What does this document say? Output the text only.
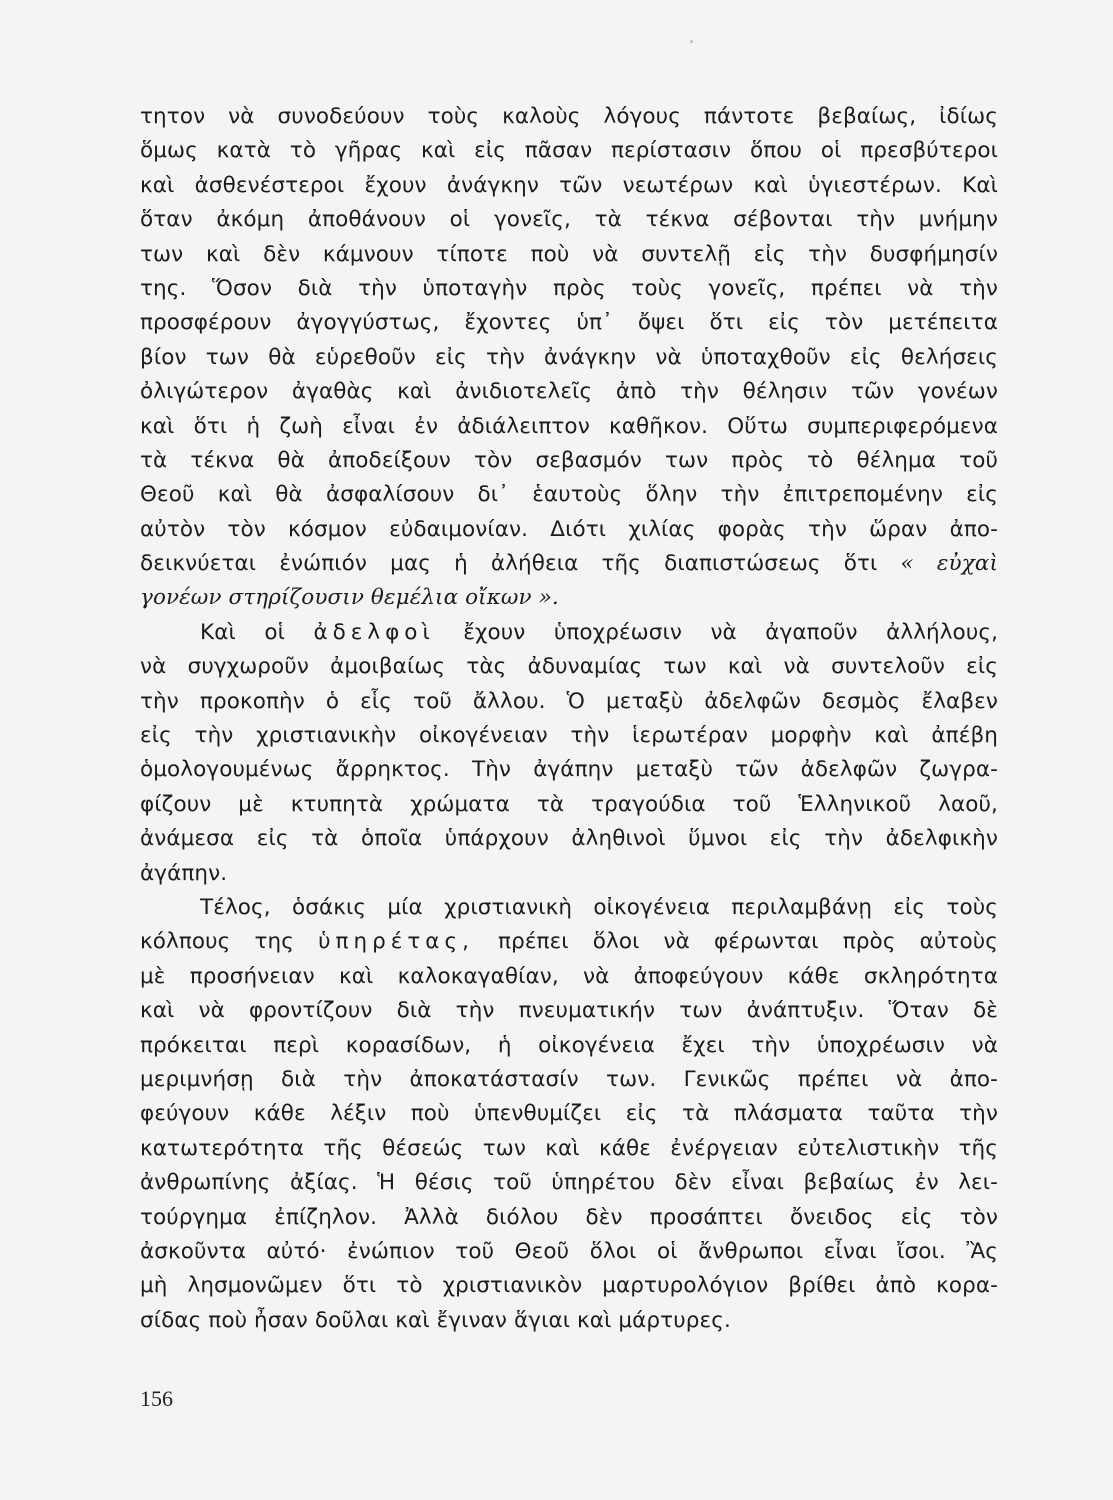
τητον νὰ συνοδεύουν τοὺς καλοὺς λόγους πάντοτε βεβαίως, ἰδίως
ὅμως κατὰ τὸ γῆρας καὶ εἰς πᾶσαν περίστασιν ὅπου οἱ πρεσβύτεροι
καὶ ἀσθενέστεροι ἔχουν ἀνάγκην τῶν νεωτέρων καὶ ὑγιεστέρων. Καὶ
ὅταν ἀκόμη ἀποθάνουν οἱ γονεῖς, τὰ τέκνα σέβονται τὴν μνήμην
των καὶ δὲν κάμνουν τίποτε ποὺ νὰ συντελῇ εἰς τὴν δυσφήμησίν
της. Ὅσον διὰ τὴν ὑποταγὴν πρὸς τοὺς γονεῖς, πρέπει νὰ τὴν
προσφέρουν ἀγογγύστως, ἔχοντες ὑπ᾽ ὄψει ὅτι εἰς τὸν μετέπειτα
βίον των θὰ εὑρεθοῦν εἰς τὴν ἀνάγκην νὰ ὑποταχθοῦν εἰς θελήσεις
ὀλιγώτερον ἀγαθὰς καὶ ἀνιδιοτελεῖς ἀπὸ τὴν θέλησιν τῶν γονέων
καὶ ὅτι ἡ ζωὴ εἶναι ἐν ἀδιάλειπτον καθῆκον. Οὕτω συμπεριφερόμενα
τὰ τέκνα θὰ ἀποδείξουν τὸν σεβασμόν των πρὸς τὸ θέλημα τοῦ
Θεοῦ καὶ θὰ ἀσφαλίσουν δι᾽ ἑαυτοὺς ὅλην τὴν ἐπιτρεπομένην εἰς
αὐτὸν τὸν κόσμον εὐδαιμονίαν. Διότι χιλίας φορὰς τὴν ὥραν ἀπο-
δεικνύεται ἐνώπιόν μας ἡ ἀλήθεια τῆς διαπιστώσεως ὅτι « εὐχαὶ
γονέων στηρίζουσιν θεμέλια οἴκων ».
Καὶ οἱ ἀδελφοὶ ἔχουν ὑποχρέωσιν νὰ ἀγαποῦν ἀλλήλους,
νὰ συγχωροῦν ἀμοιβαίως τὰς ἀδυναμίας των καὶ νὰ συντελοῦν εἰς
τὴν προκοπὴν ὁ εἷς τοῦ ἄλλου. Ὁ μεταξὺ ἀδελφῶν δεσμὸς ἔλαβεν
εἰς τὴν χριστιανικὴν οἰκογένειαν τὴν ἱερωτέραν μορφὴν καὶ ἀπέβη
ὁμολογουμένως ἄρρηκτος. Τὴν ἀγάπην μεταξὺ τῶν ἀδελφῶν ζωγρα-
φίζουν μὲ κτυπητὰ χρώματα τὰ τραγούδια τοῦ Ἑλληνικοῦ λαοῦ,
ἀνάμεσα εἰς τὰ ὁποῖα ὑπάρχουν ἀληθινοὶ ὕμνοι εἰς τὴν ἀδελφικὴν
ἀγάπην.
Τέλος, ὁσάκις μία χριστιανικὴ οἰκογένεια περιλαμβάνῃ εἰς τοὺς
κόλπους της ὑπηρέτας, πρέπει ὅλοι νὰ φέρωνται πρὸς αὐτοὺς
μὲ προσήνειαν καὶ καλοκαγαθίαν, νὰ ἀποφεύγουν κάθε σκληρότητα
καὶ νὰ φροντίζουν διὰ τὴν πνευματικήν των ἀνάπτυξιν. Ὅταν δὲ
πρόκειται περὶ κορασίδων, ἡ οἰκογένεια ἔχει τὴν ὑποχρέωσιν νὰ
μεριμνήσῃ διὰ τὴν ἀποκατάστασίν των. Γενικῶς πρέπει νὰ ἀπο-
φεύγουν κάθε λέξιν ποὺ ὑπενθυμίζει εἰς τὰ πλάσματα ταῦτα τὴν
κατωτερότητα τῆς θέσεώς των καὶ κάθε ἐνέργειαν εὐτελιστικὴν τῆς
ἀνθρωπίνης ἀξίας. Ἡ θέσις τοῦ ὑπηρέτου δὲν εἶναι βεβαίως ἐν λει-
τούργημα ἐπίζηλον. Ἀλλὰ διόλου δὲν προσάπτει ὄνειδος εἰς τὸν
ἀσκοῦντα αὐτό· ἐνώπιον τοῦ Θεοῦ ὅλοι οἱ ἄνθρωποι εἶναι ἴσοι. Ἂς
μὴ λησμονῶμεν ὅτι τὸ χριστιανικὸν μαρτυρολόγιον βρίθει ἀπὸ κορα-
σίδας ποὺ ἦσαν δοῦλαι καὶ ἔγιναν ἅγιαι καὶ μάρτυρες.
156
